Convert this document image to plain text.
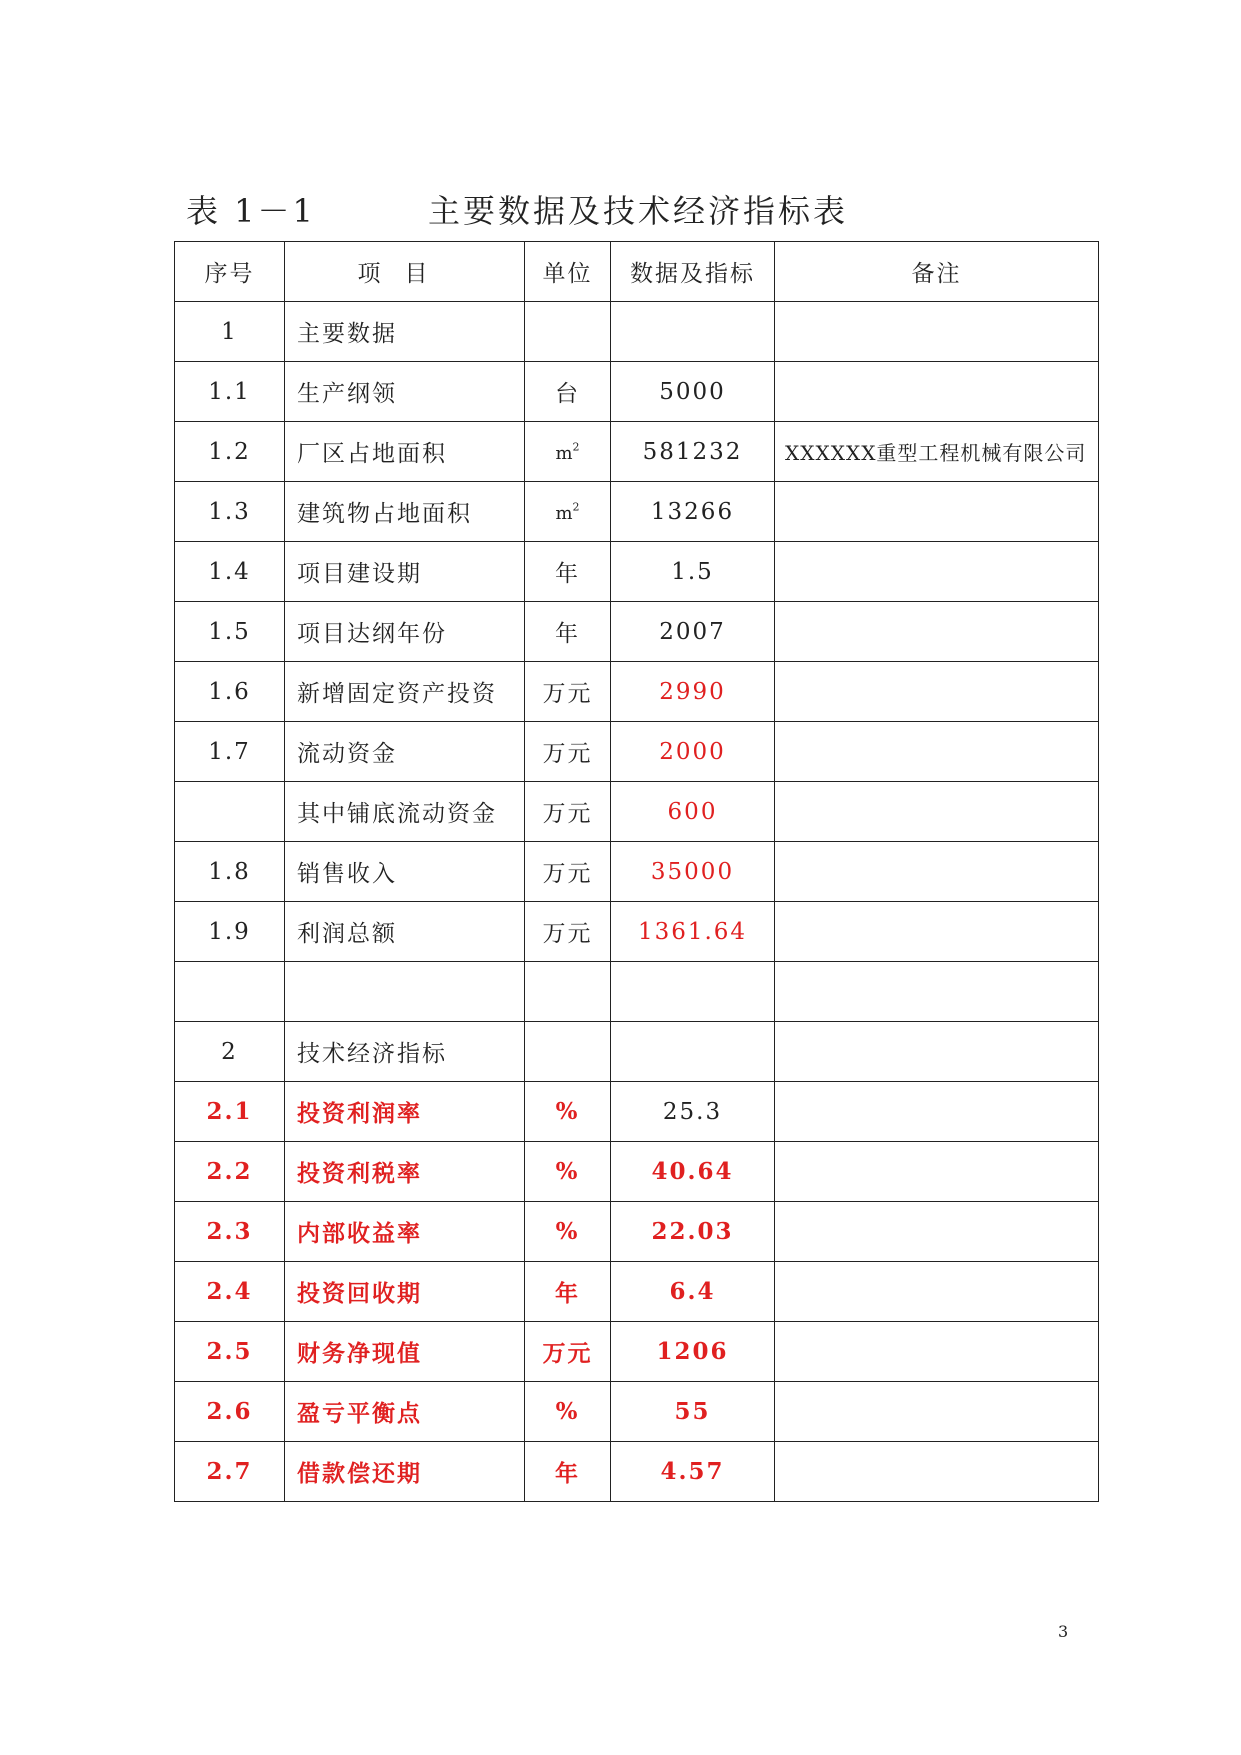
表 1－1	主要数据及技术经济指标表
序号	项目	单位	数据及指标	备注
1	主要数据			
1.1	生产纲领	台	5000	
1.2	厂区占地面积	$m^2$	581232	XXXXXX重型工程机械有限公司
1.3	建筑物占地面积	$m^2$	13266	
1.4	项目建设期	年	1.5	
1.5	项目达纲年份	年	2007	
1.6	新增固定资产投资	万元	2990	
1.7	流动资金	万元	2000	
	其中铺底流动资金	万元	600	
1.8	销售收入	万元	35000	
1.9	利润总额	万元	1361.64	

2	技术经济指标			
2.1	投资利润率	%	25.3	
2.2	投资利税率	%	40.64	
2.3	内部收益率	%	22.03	
2.4	投资回收期	年	6.4	
2.5	财务净现值	万元	1206	
2.6	盈亏平衡点	%	55	
2.7	借款偿还期	年	4.57	
3
